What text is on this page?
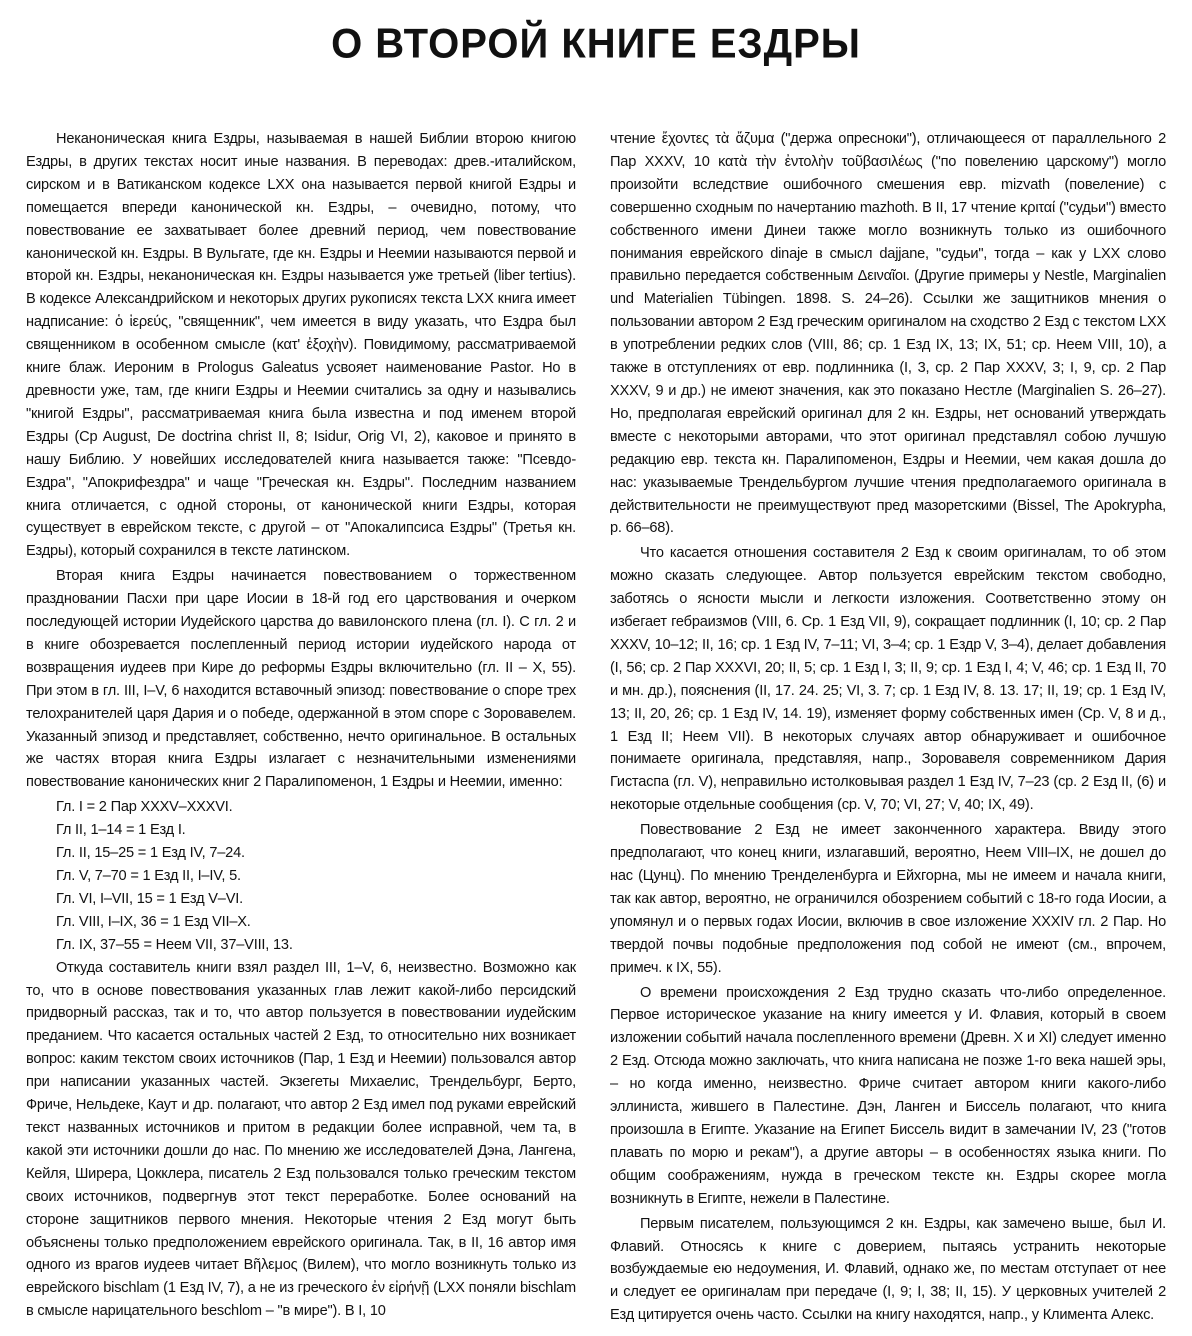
О ВТОРОЙ КНИГЕ ЕЗДРЫ

Неканоническая книга Ездры, называемая в нашей Библии второю книгою Ездры, в других текстах носит иные названия. В переводах: древ.-италийском, сирском и в Ватиканском кодексе LXX она называется первой книгой Ездры и помещается впереди канонической кн. Ездры, – очевидно, потому, что повествование ее захватывает более древний период, чем повествование канонической кн. Ездры. В Вульгате, где кн. Ездры и Неемии называются первой и второй кн. Ездры, неканоническая кн. Ездры называется уже третьей (liber tertius). В кодексе Александрийском и некоторых других рукописях текста LXX книга имеет надписание: ὁ ἱερεύς, "священник", чем имеется в виду указать, что Ездра был священником в особенном смысле (κατ' ἐξοχὴν). Повидимому, рассматриваемой книге блаж. Иероним в Prologus Galeatus усвояет наименование Pastor. Но в древности уже, там, где книги Ездры и Неемии считались за одну и назывались "книгой Ездры", рассматриваемая книга была известна и под именем второй Ездры (Cp August, De doctrina christ II, 8; Isidur, Orig VI, 2), каковое и принято в нашу Библию. У новейших исследователей книга называется также: "Псевдо-Ездра", "Апокрифездра" и чаще "Греческая кн. Ездры". Последним названием книга отличается, с одной стороны, от канонической книги Ездры, которая существует в еврейском тексте, с другой – от "Апокалипсиса Ездры" (Третья кн. Ездры), который сохранился в тексте латинском.

Вторая книга Ездры начинается повествованием о торжественном праздновании Пасхи при царе Иосии в 18-й год его царствования и очерком последующей истории Иудейского царства до вавилонского плена (гл. I). С гл. 2 и в книге обозревается послепленный период истории иудейского народа от возвращения иудеев при Кире до реформы Ездры включительно (гл. II – X, 55). При этом в гл. III, I–V, 6 находится вставочный эпизод: повествование о споре трех телохранителей царя Дария и о победе, одержанной в этом споре с Зоровавелем. Указанный эпизод и представляет, собственно, нечто оригинальное. В остальных же частях вторая книга Ездры излагает с незначительными изменениями повествование канонических книг 2 Паралипоменон, 1 Ездры и Неемии, именно:

Гл. I = 2 Пар XXXV–XXXVI.
Гл II, 1–14 = 1 Езд I.
Гл. II, 15–25 = 1 Езд IV, 7–24.
Гл. V, 7–70 = 1 Езд II, I–IV, 5.
Гл. VI, I–VII, 15 = 1 Езд V–VI.
Гл. VIII, I–IX, 36 = 1 Езд VII–X.
Гл. IX, 37–55 = Неем VII, 37–VIII, 13.

Откуда составитель книги взял раздел III, 1–V, 6, неизвестно. Возможно как то, что в основе повествования указанных глав лежит какой-либо персидский придворный рассказ, так и то, что автор пользуется в повествовании иудейским преданием. Что касается остальных частей 2 Езд, то относительно них возникает вопрос: каким текстом своих источников (Пар, 1 Езд и Неемии) пользовался автор при написании указанных частей. Экзегеты Михаелис, Трендельбург, Берто, Фриче, Нельдеке, Каут и др. полагают, что автор 2 Езд имел под руками еврейский текст названных источников и притом в редакции более исправной, чем та, в какой эти источники дошли до нас. По мнению же исследователей Дэна, Лангена, Кейля, Ширера, Цокклера, писатель 2 Езд пользовался только греческим текстом своих источников, подвергнув этот текст переработке. Более оснований на стороне защитников первого мнения. Некоторые чтения 2 Езд могут быть объяснены только предположением еврейского оригинала. Так, в II, 16 автор имя одного из врагов иудеев читает Βῆλεμος (Вилем), что могло возникнуть только из еврейского bischlam (1 Езд IV, 7), а не из греческого ἐν εἰρήνῇ (LXX поняли bischlam в смысле нарицательного beschlom – "в мире"). В I, 10

чтение ἔχοντες τὰ ἄζυμα ("держа опресноки"), отличающееся от параллельного 2 Пар XXXV, 10 κατὰ τὴν ἐντολὴν τοῦβασιλέως ("по повелению царскому") могло произойти вследствие ошибочного смешения евр. mizvath (повеление) с совершенно сходным по начертанию mazhoth. В II, 17 чтение κριταί ("судьи") вместо собственного имени Динеи также могло возникнуть только из ошибочного понимания еврейского dinaje в смысл dajjane, "судьи", тогда – как у LXX слово правильно передается собственным Δειναῖοι. (Другие примеры у Nestle, Marginalien und Materialien Tübingen. 1898. S. 24–26). Ссылки же защитников мнения о пользовании автором 2 Езд греческим оригиналом на сходство 2 Езд с текстом LXX в употреблении редких слов (VIII, 86; ср. 1 Езд IX, 13; IX, 51; ср. Неем VIII, 10), а также в отступлениях от евр. подлинника (I, 3, ср. 2 Пар XXXV, 3; I, 9, ср. 2 Пар XXXV, 9 и др.) не имеют значения, как это показано Нестле (Marginalien S. 26–27). Но, предполагая еврейский оригинал для 2 кн. Ездры, нет оснований утверждать вместе с некоторыми авторами, что этот оригинал представлял собою лучшую редакцию евр. текста кн. Паралипоменон, Ездры и Неемии, чем какая дошла до нас: указываемые Трендельбургом лучшие чтения предполагаемого оригинала в действительности не преимуществуют пред мазоретскими (Bissel, The Apokrypha, p. 66–68).

Что касается отношения составителя 2 Езд к своим оригиналам, то об этом можно сказать следующее. Автор пользуется еврейским текстом свободно, заботясь о ясности мысли и легкости изложения. Соответственно этому он избегает гебраизмов (VIII, 6. Ср. 1 Езд VII, 9), сокращает подлинник (I, 10; ср. 2 Пар XXXV, 10–12; II, 16; ср. 1 Езд IV, 7–11; VI, 3–4; ср. 1 Ездр V, 3–4), делает добавления (I, 56; ср. 2 Пар XXXVI, 20; II, 5; ср. 1 Езд I, 3; II, 9; ср. 1 Езд I, 4; V, 46; ср. 1 Езд II, 70 и мн. др.), пояснения (II, 17. 24. 25; VI, 3. 7; ср. 1 Езд IV, 8. 13. 17; II, 19; ср. 1 Езд IV, 13; II, 20, 26; ср. 1 Езд IV, 14. 19), изменяет форму собственных имен (Ср. V, 8 и д., 1 Езд II; Неем VII). В некоторых случаях автор обнаруживает и ошибочное понимаете оригинала, представляя, напр., Зоровавеля современником Дария Гистаспа (гл. V), неправильно истолковывая раздел 1 Езд IV, 7–23 (ср. 2 Езд II, (6) и некоторые отдельные сообщения (ср. V, 70; VI, 27; V, 40; IX, 49).

Повествование 2 Езд не имеет законченного характера. Ввиду этого предполагают, что конец книги, излагавший, вероятно, Неем VIII–IX, не дошел до нас (Цунц). По мнению Тренделенбурга и Ейхгорна, мы не имеем и начала книги, так как автор, вероятно, не ограничился обозрением событий с 18-го года Иосии, а упомянул и о первых годах Иосии, включив в свое изложение XXXIV гл. 2 Пар. Но твердой почвы подобные предположения под собой не имеют (см., впрочем, примеч. к IX, 55).

О времени происхождения 2 Езд трудно сказать что-либо определенное. Первое историческое указание на книгу имеется у И. Флавия, который в своем изложении событий начала послепленного времени (Древн. X и XI) следует именно 2 Езд. Отсюда можно заключать, что книга написана не позже 1-го века нашей эры, – но когда именно, неизвестно. Фриче считает автором книги какого-либо эллиниста, жившего в Палестине. Дэн, Ланген и Биссель полагают, что книга произошла в Египте. Указание на Египет Биссель видит в замечании IV, 23 ("готов плавать по морю и рекам"), а другие авторы – в особенностях языка книги. По общим соображениям, нужда в греческом тексте кн. Ездры скорее могла возникнуть в Египте, нежели в Палестине.

Первым писателем, пользующимся 2 кн. Ездры, как замечено выше, был И. Флавий. Относясь к книге с доверием, пытаясь устранить некоторые возбуждаемые ею недоумения, И. Флавий, однако же, по местам отступает от нее и следует ее оригиналам при передаче (I, 9; I, 38; II, 15). У церковных учителей 2 Езд цитируется очень часто. Ссылки на книгу находятся, напр., у Климента Алекс.
